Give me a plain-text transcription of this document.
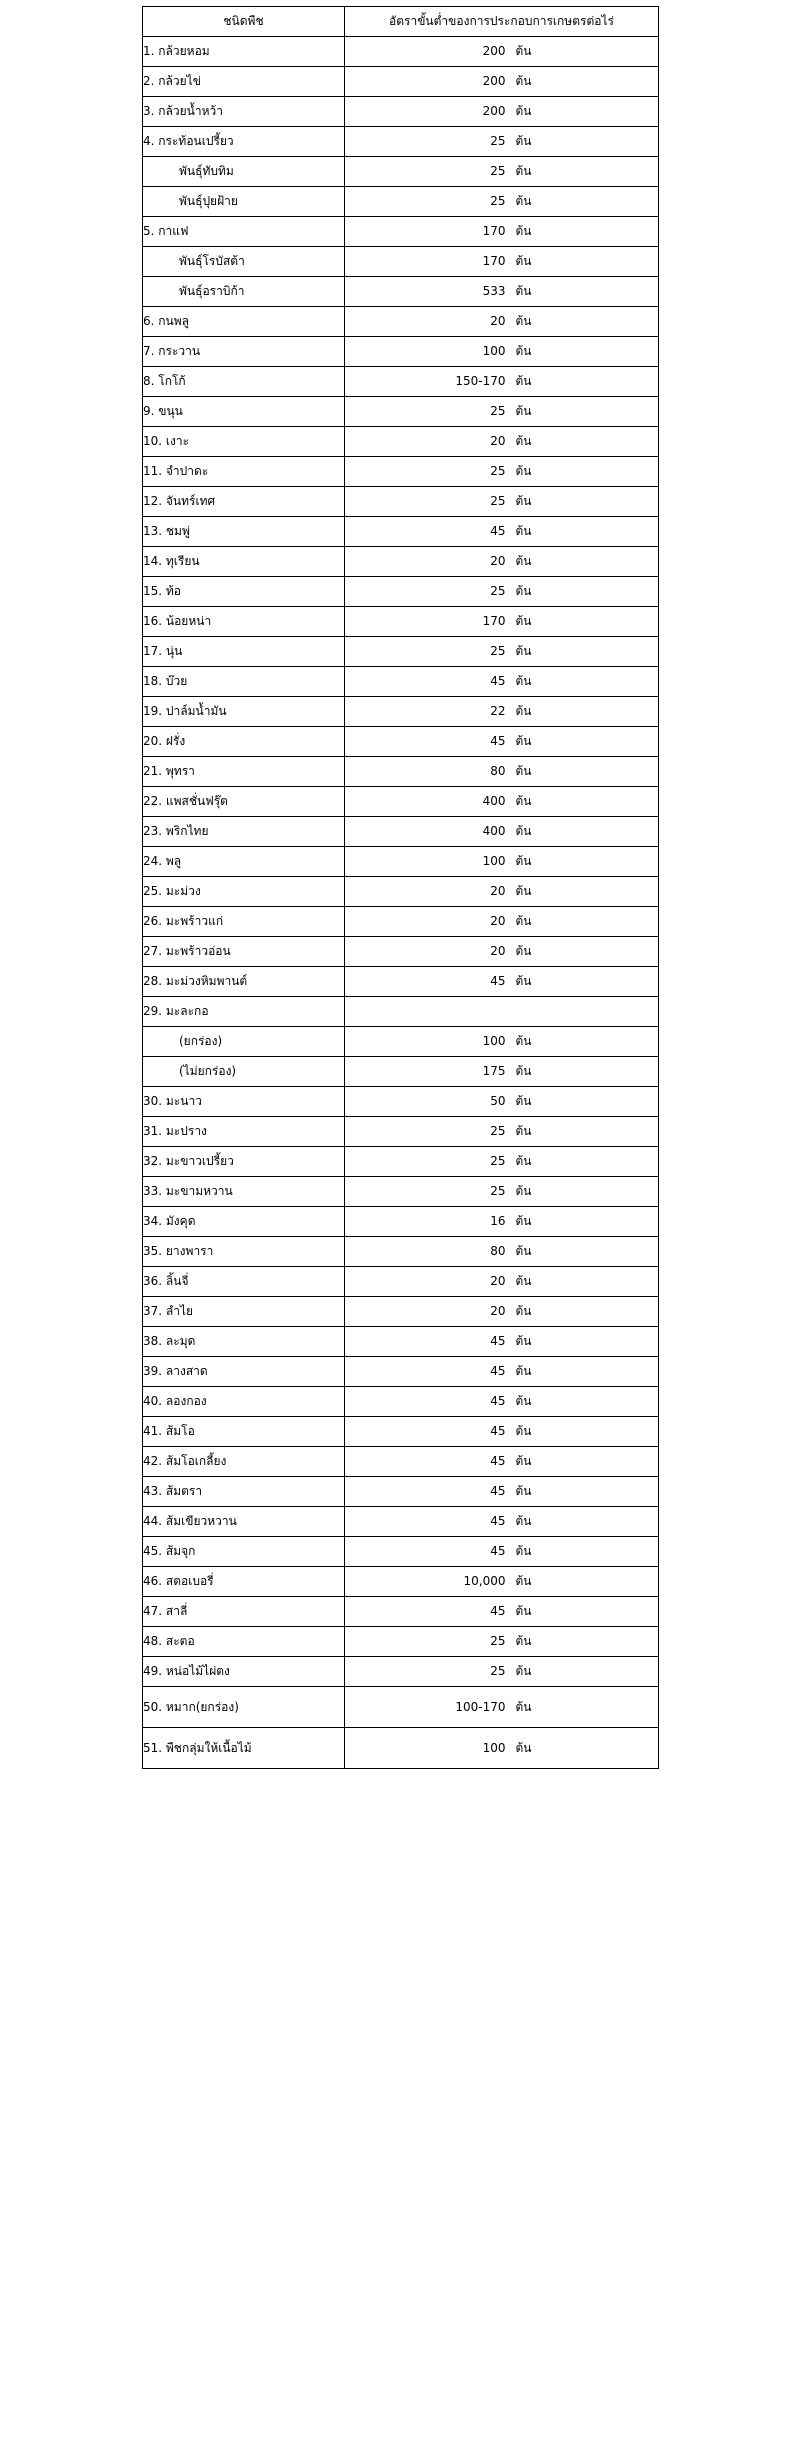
ชนิดพืช	อัตราขั้นต่ำของการประกอบการเกษตรต่อไร่
1. กล้วยหอม	200 ต้น
2. กล้วยไข่	200 ต้น
3. กล้วยน้ำหว้า	200 ต้น
4. กระท้อนเปรี้ยว	25 ต้น
พันธุ์ทับทิม	25 ต้น
พันธุ์ปุยฝ้าย	25 ต้น
5. กาแฟ	170 ต้น
พันธุ์โรบัสต้า	170 ต้น
พันธุ์อราบิก้า	533 ต้น
6. กนพลู	20 ต้น
7. กระวาน	100 ต้น
8. โกโก้	150-170 ต้น
9. ขนุน	25 ต้น
10. เงาะ	20 ต้น
11. จำปาดะ	25 ต้น
12. จันทร์เทศ	25 ต้น
13. ชมพู่	45 ต้น
14. ทุเรียน	20 ต้น
15. ท้อ	25 ต้น
16. น้อยหน่า	170 ต้น
17. นุ่น	25 ต้น
18. บ๊วย	45 ต้น
19. ปาล์มน้ำมัน	22 ต้น
20. ฝรั่ง	45 ต้น
21. พุทรา	80 ต้น
22. แพสชั่นฟรุ๊ต	400 ต้น
23. พริกไทย	400 ต้น
24. พลู	100 ต้น
25. มะม่วง	20 ต้น
26. มะพร้าวแก่	20 ต้น
27. มะพร้าวอ่อน	20 ต้น
28. มะม่วงหิมพานต์	45 ต้น
29. มะละกอ	
(ยกร่อง)	100 ต้น
(ไม่ยกร่อง)	175 ต้น
30. มะนาว	50 ต้น
31. มะปราง	25 ต้น
32. มะขาวเปรี้ยว	25 ต้น
33. มะขามหวาน	25 ต้น
34. มังคุด	16 ต้น
35. ยางพารา	80 ต้น
36. ลิ้นจี่	20 ต้น
37. ลำไย	20 ต้น
38. ละมุด	45 ต้น
39. ลางสาด	45 ต้น
40. ลองกอง	45 ต้น
41. ส้มโอ	45 ต้น
42. ส้มโอเกลี้ยง	45 ต้น
43. ส้มตรา	45 ต้น
44. ส้มเขียวหวาน	45 ต้น
45. ส้มจุก	45 ต้น
46. สตอเบอรี่	10,000 ต้น
47. สาลี่	45 ต้น
48. สะตอ	25 ต้น
49. หน่อไม้ไผ่ตง	25 ต้น
50. หมาก(ยกร่อง)	100-170 ต้น
51. พืชกลุ่มให้เนื้อไม้	100 ต้น
